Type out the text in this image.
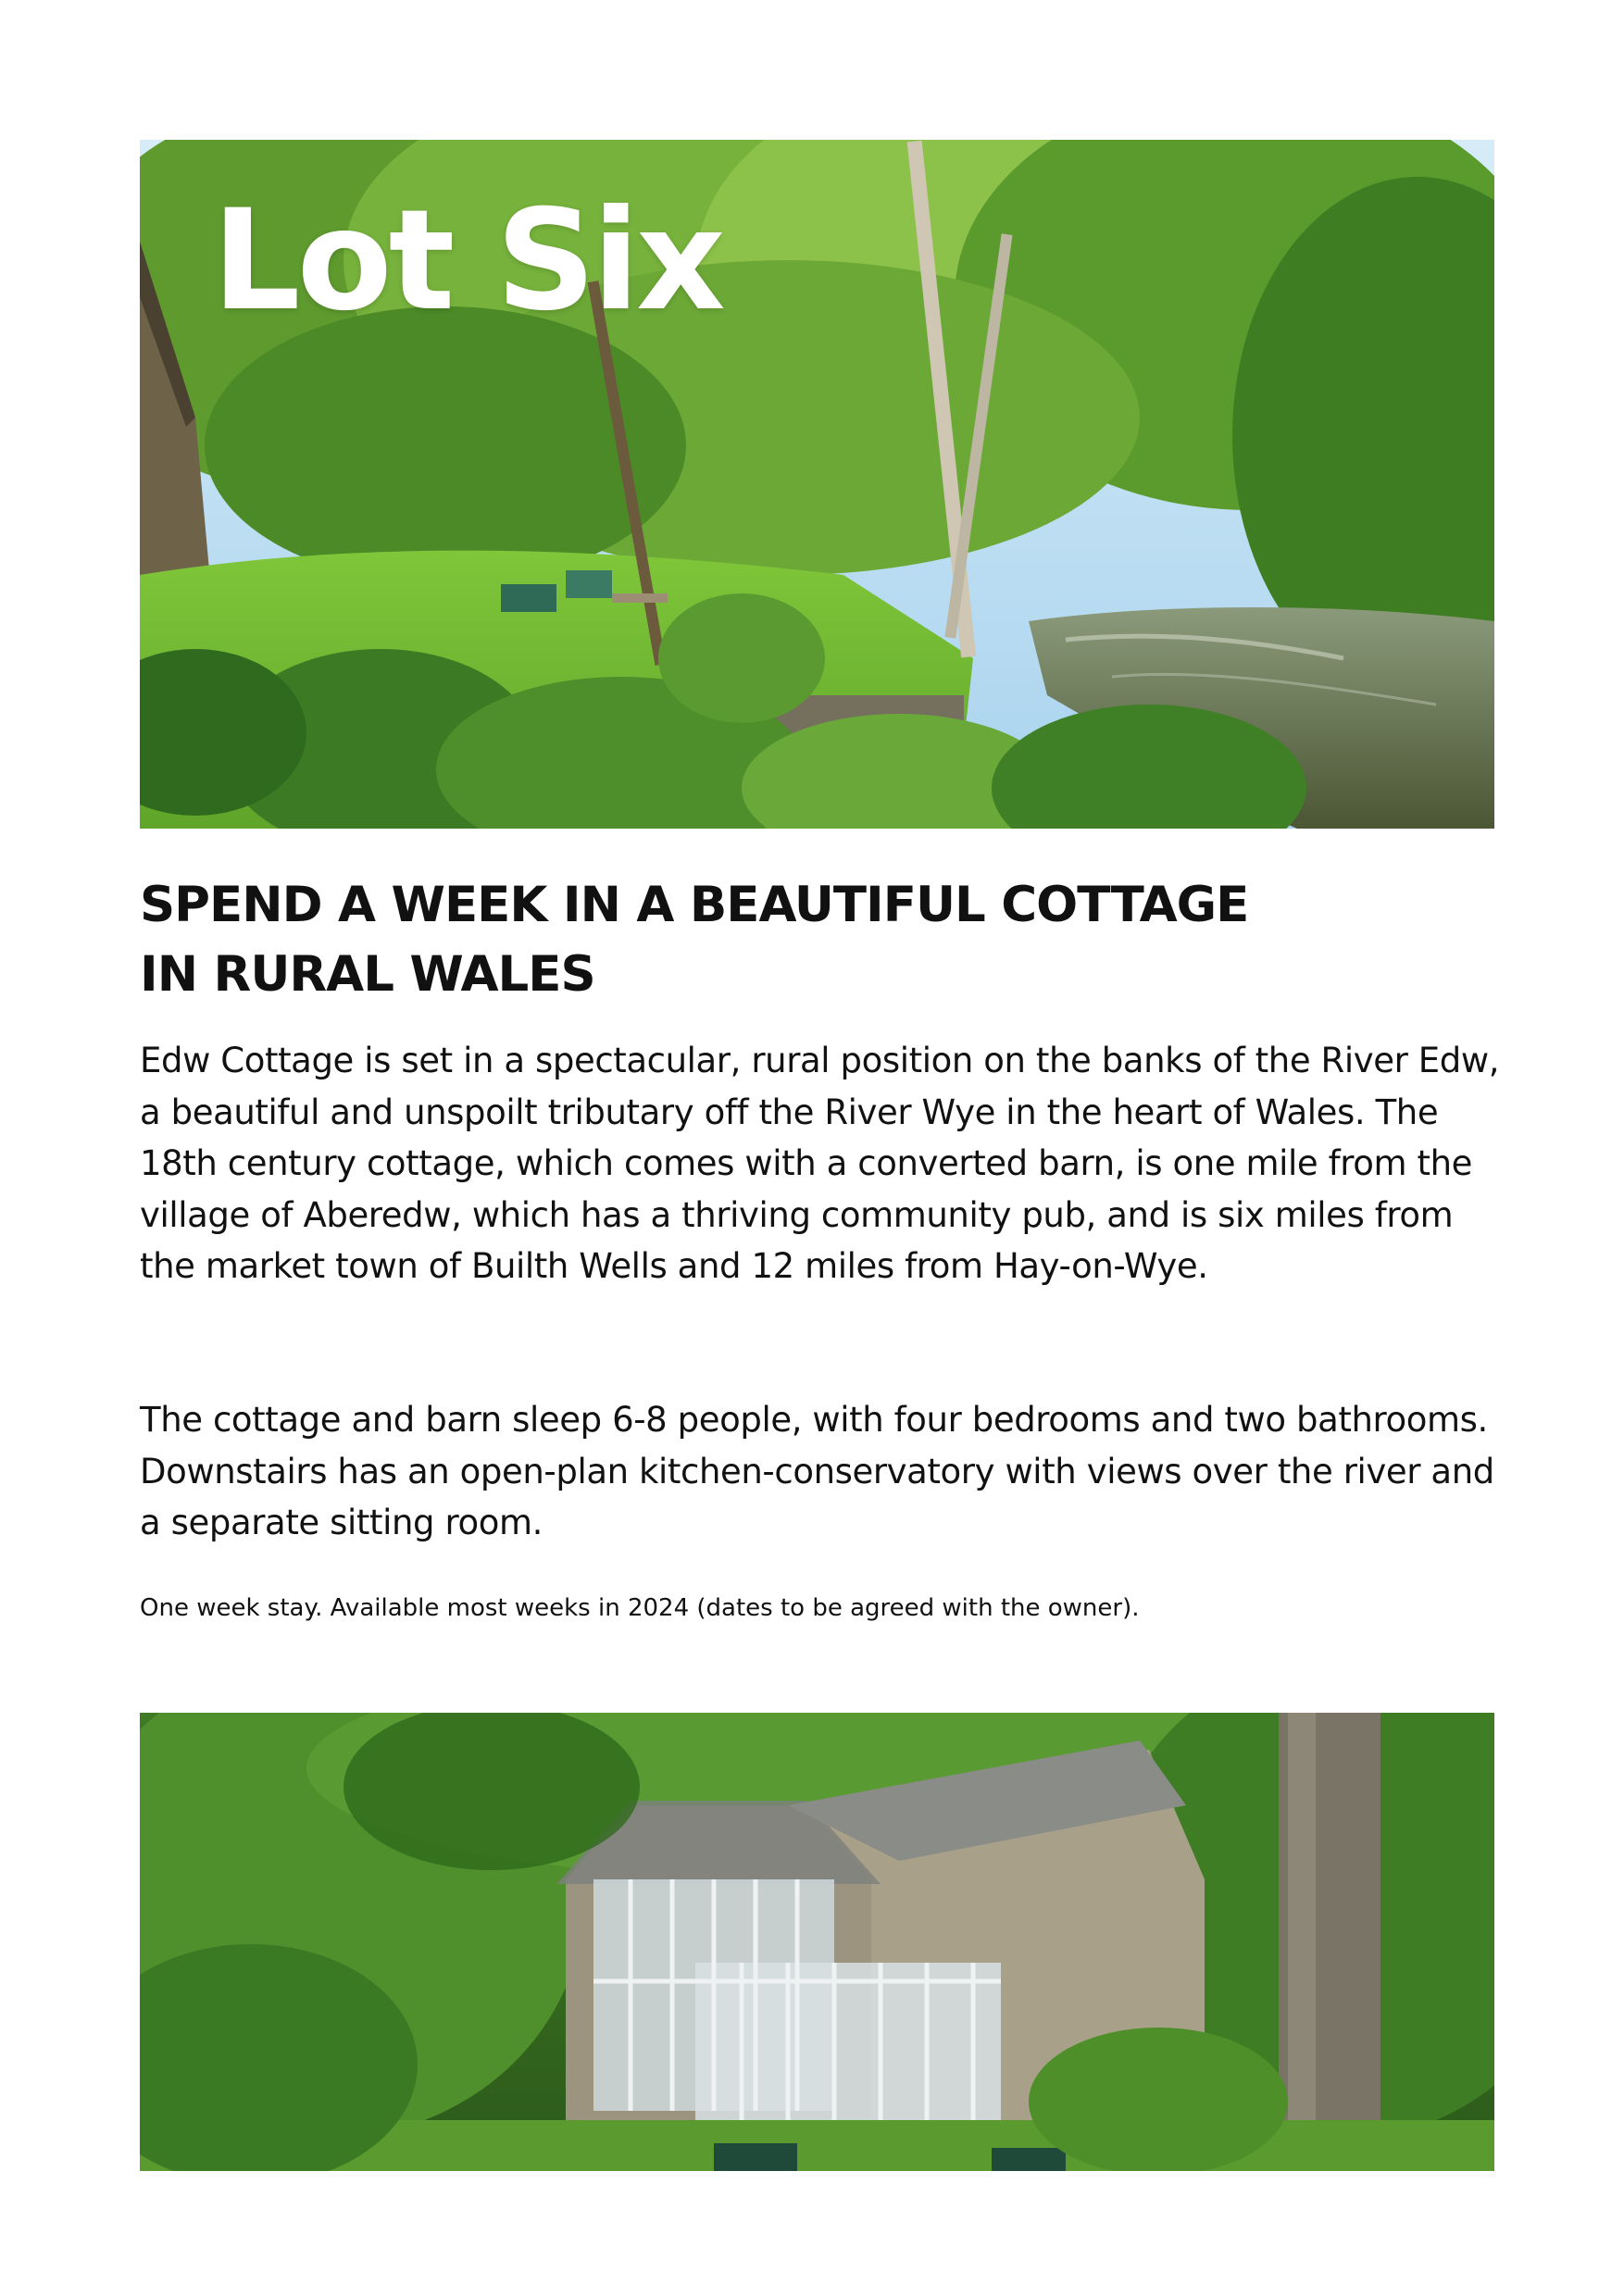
Lot Six
SPEND A WEEK IN A BEAUTIFUL COTTAGE
IN RURAL WALES

Edw Cottage is set in a spectacular, rural position on the banks of the River Edw, a beautiful and unspoilt tributary off the River Wye in the heart of Wales. The 18th century cottage, which comes with a converted barn, is one mile from the village of Aberedw, which has a thriving community pub, and is six miles from the market town of Builth Wells and 12 miles from Hay-on-Wye.

The cottage and barn sleep 6-8 people, with four bedrooms and two bathrooms. Downstairs has an open-plan kitchen-conservatory with views over the river and a separate sitting room.

One week stay. Available most weeks in 2024 (dates to be agreed with the owner).
